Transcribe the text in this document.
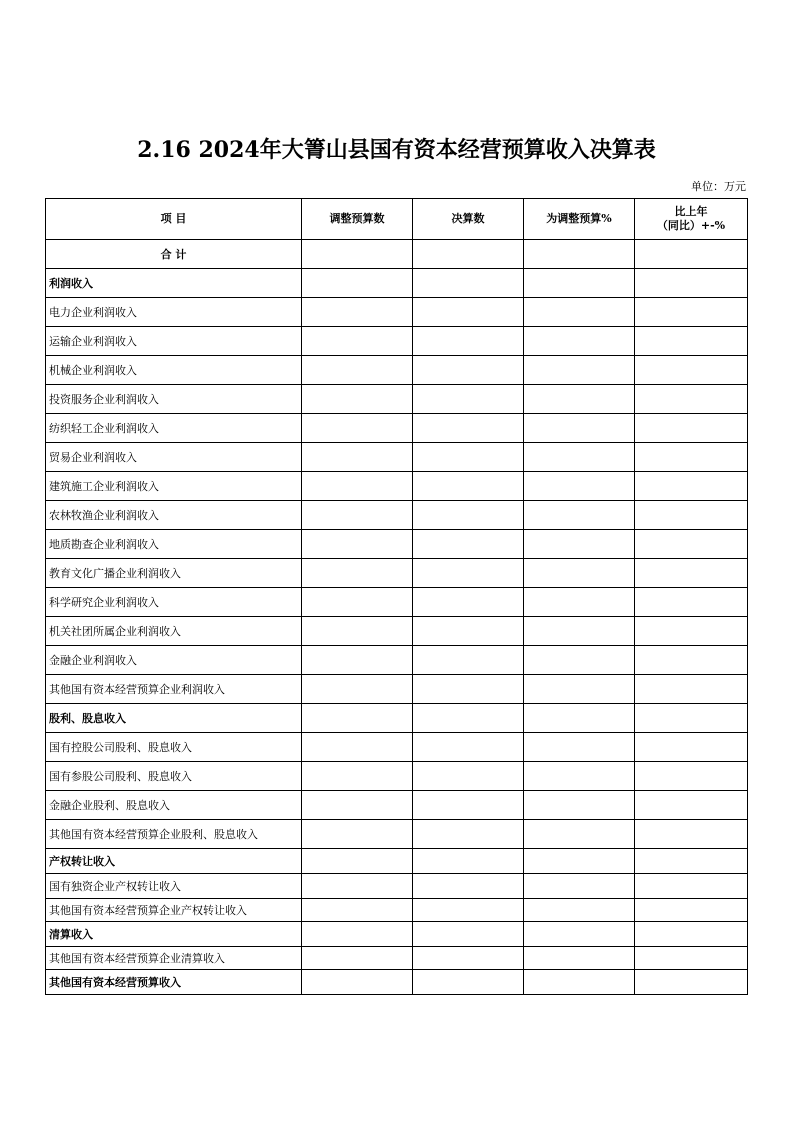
2.16 2024年大箐山县国有资本经营预算收入决算表
单位：万元
项 目	调整预算数	决算数	为调整预算%	比上年
（同比）+-%
合 计				
利润收入				
电力企业利润收入				
运输企业利润收入				
机械企业利润收入				
投资服务企业利润收入				
纺织轻工企业利润收入				
贸易企业利润收入				
建筑施工企业利润收入				
农林牧渔企业利润收入				
地质勘查企业利润收入				
教育文化广播企业利润收入				
科学研究企业利润收入				
机关社团所属企业利润收入				
金融企业利润收入				
其他国有资本经营预算企业利润收入				
股利、股息收入				
国有控股公司股利、股息收入				
国有参股公司股利、股息收入				
金融企业股利、股息收入				
其他国有资本经营预算企业股利、股息收入				
产权转让收入				
国有独资企业产权转让收入				
其他国有资本经营预算企业产权转让收入				
清算收入				
其他国有资本经营预算企业清算收入				
其他国有资本经营预算收入				
